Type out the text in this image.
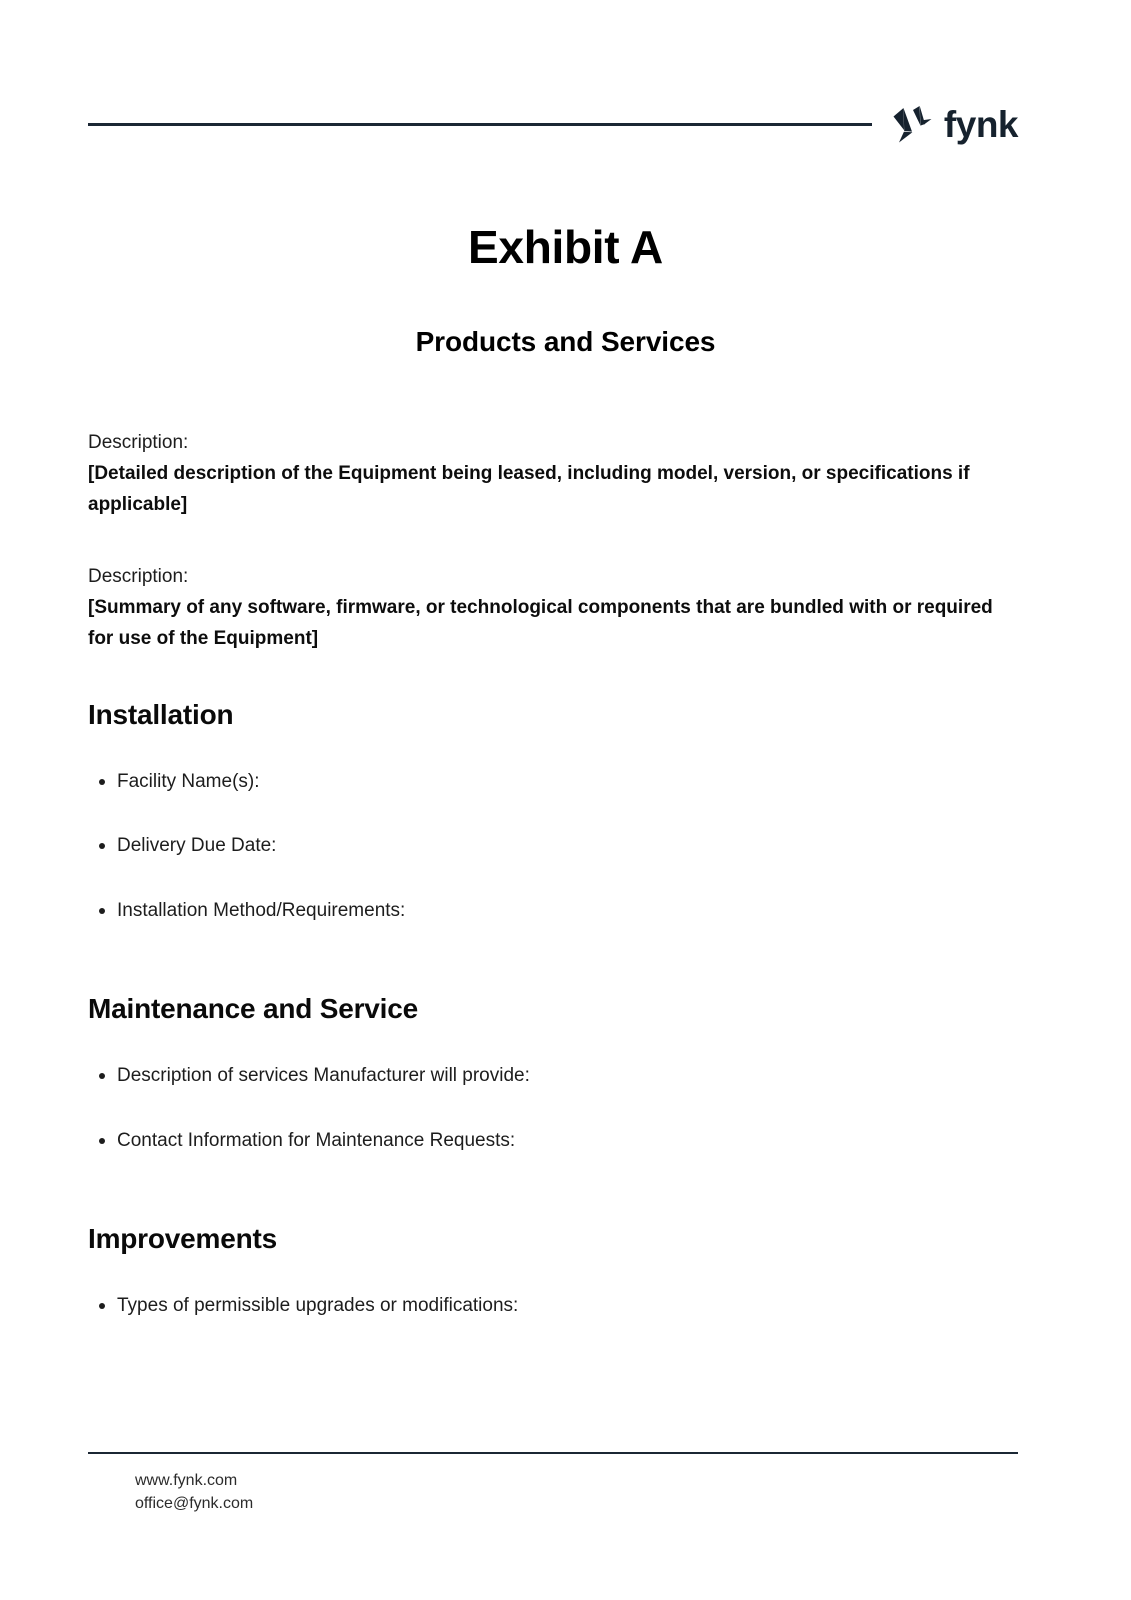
fynk
Exhibit A
Products and Services
Description:
[Detailed description of the Equipment being leased, including model, version, or specifications if applicable]
Description:
[Summary of any software, firmware, or technological components that are bundled with or required for use of the Equipment]
Installation
Facility Name(s):
Delivery Due Date:
Installation Method/Requirements:
Maintenance and Service
Description of services Manufacturer will provide:
Contact Information for Maintenance Requests:
Improvements
Types of permissible upgrades or modifications:
www.fynk.com
office@fynk.com
